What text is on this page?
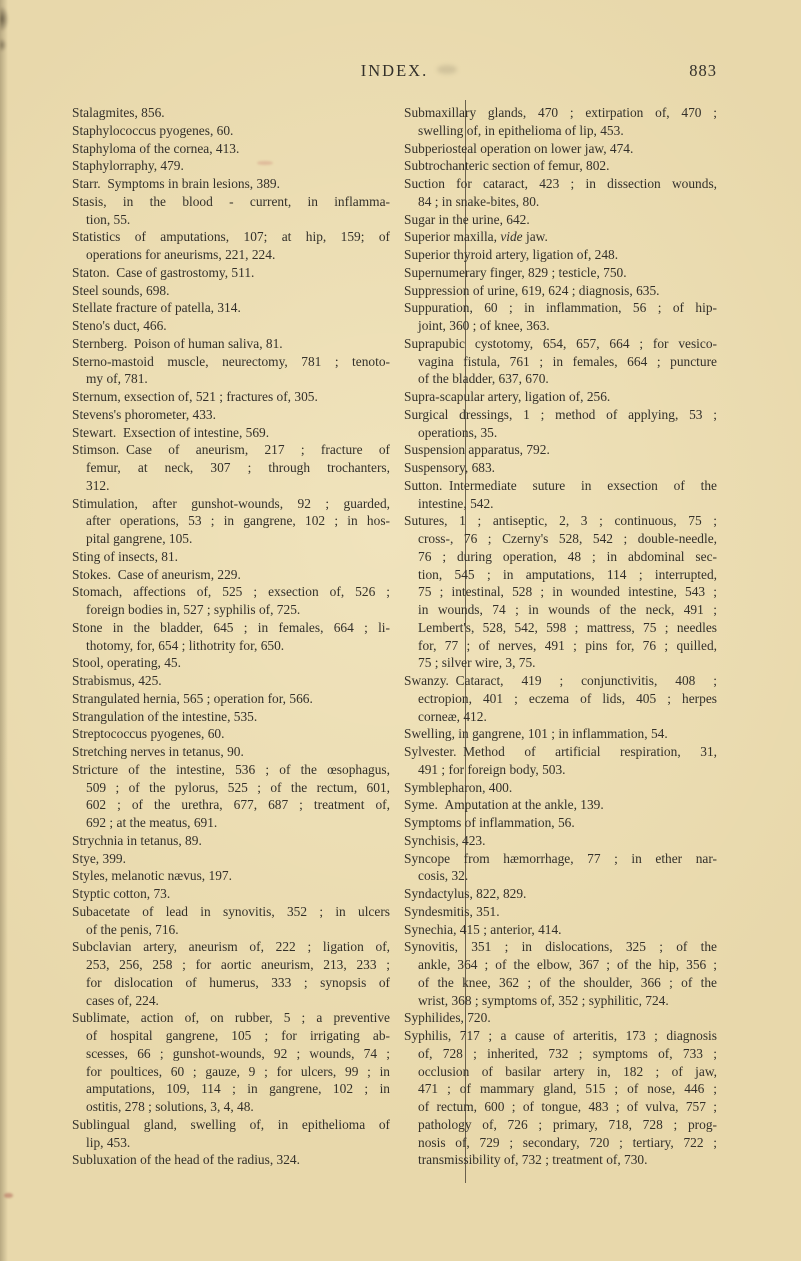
INDEX.	883
Stalagmites, 856.
Staphylococcus pyogenes, 60.
Staphyloma of the cornea, 413.
Staphylorraphy, 479.
Starr. Symptoms in brain lesions, 389.
Stasis, in the blood - current, in inflamma-
tion, 55.
Statistics of amputations, 107; at hip, 159; of
operations for aneurisms, 221, 224.
Staton. Case of gastrostomy, 511.
Steel sounds, 698.
Stellate fracture of patella, 314.
Steno's duct, 466.
Sternberg. Poison of human saliva, 81.
Sterno-mastoid muscle, neurectomy, 781 ; tenoto-
my of, 781.
Sternum, exsection of, 521 ; fractures of, 305.
Stevens's phorometer, 433.
Stewart. Exsection of intestine, 569.
Stimson. Case of aneurism, 217 ; fracture of
femur, at neck, 307 ; through trochanters,
312.
Stimulation, after gunshot-wounds, 92 ; guarded,
after operations, 53 ; in gangrene, 102 ; in hos-
pital gangrene, 105.
Sting of insects, 81.
Stokes. Case of aneurism, 229.
Stomach, affections of, 525 ; exsection of, 526 ;
foreign bodies in, 527 ; syphilis of, 725.
Stone in the bladder, 645 ; in females, 664 ; li-
thotomy, for, 654 ; lithotrity for, 650.
Stool, operating, 45.
Strabismus, 425.
Strangulated hernia, 565 ; operation for, 566.
Strangulation of the intestine, 535.
Streptococcus pyogenes, 60.
Stretching nerves in tetanus, 90.
Stricture of the intestine, 536 ; of the œsophagus,
509 ; of the pylorus, 525 ; of the rectum, 601,
602 ; of the urethra, 677, 687 ; treatment of,
692 ; at the meatus, 691.
Strychnia in tetanus, 89.
Stye, 399.
Styles, melanotic nævus, 197.
Styptic cotton, 73.
Subacetate of lead in synovitis, 352 ; in ulcers
of the penis, 716.
Subclavian artery, aneurism of, 222 ; ligation of,
253, 256, 258 ; for aortic aneurism, 213, 233 ;
for dislocation of humerus, 333 ; synopsis of
cases of, 224.
Sublimate, action of, on rubber, 5 ; a preventive
of hospital gangrene, 105 ; for irrigating ab-
scesses, 66 ; gunshot-wounds, 92 ; wounds, 74 ;
for poultices, 60 ; gauze, 9 ; for ulcers, 99 ; in
amputations, 109, 114 ; in gangrene, 102 ; in
ostitis, 278 ; solutions, 3, 4, 48.
Sublingual gland, swelling of, in epithelioma of
lip, 453.
Subluxation of the head of the radius, 324.
Submaxillary glands, 470 ; extirpation of, 470 ;
swelling of, in epithelioma of lip, 453.
Subperiosteal operation on lower jaw, 474.
Subtrochanteric section of femur, 802.
Suction for cataract, 423 ; in dissection wounds,
84 ; in snake-bites, 80.
Sugar in the urine, 642.
Superior maxilla, vide jaw.
Superior thyroid artery, ligation of, 248.
Supernumerary finger, 829 ; testicle, 750.
Suppression of urine, 619, 624 ; diagnosis, 635.
Suppuration, 60 ; in inflammation, 56 ; of hip-
joint, 360 ; of knee, 363.
Suprapubic cystotomy, 654, 657, 664 ; for vesico-
vagina fistula, 761 ; in females, 664 ; puncture
of the bladder, 637, 670.
Supra-scapular artery, ligation of, 256.
Surgical dressings, 1 ; method of applying, 53 ;
operations, 35.
Suspension apparatus, 792.
Suspensory, 683.
Sutton. Intermediate suture in exsection of the
intestine, 542.
Sutures, 1 ; antiseptic, 2, 3 ; continuous, 75 ;
cross-, 76 ; Czerny's 528, 542 ; double-needle,
76 ; during operation, 48 ; in abdominal sec-
tion, 545 ; in amputations, 114 ; interrupted,
75 ; intestinal, 528 ; in wounded intestine, 543 ;
in wounds, 74 ; in wounds of the neck, 491 ;
Lembert's, 528, 542, 598 ; mattress, 75 ; needles
for, 77 ; of nerves, 491 ; pins for, 76 ; quilled,
75 ; silver wire, 3, 75.
Swanzy. Cataract, 419 ; conjunctivitis, 408 ;
ectropion, 401 ; eczema of lids, 405 ; herpes
corneæ, 412.
Swelling, in gangrene, 101 ; in inflammation, 54.
Sylvester. Method of artificial respiration, 31,
491 ; for foreign body, 503.
Symblepharon, 400.
Syme. Amputation at the ankle, 139.
Symptoms of inflammation, 56.
Synchisis, 423.
Syncope from hæmorrhage, 77 ; in ether nar-
cosis, 32.
Syndactylus, 822, 829.
Syndesmitis, 351.
Synechia, 415 ; anterior, 414.
Synovitis, 351 ; in dislocations, 325 ; of the
ankle, 364 ; of the elbow, 367 ; of the hip, 356 ;
of the knee, 362 ; of the shoulder, 366 ; of the
wrist, 368 ; symptoms of, 352 ; syphilitic, 724.
Syphilides, 720.
Syphilis, 717 ; a cause of arteritis, 173 ; diagnosis
of, 728 ; inherited, 732 ; symptoms of, 733 ;
occlusion of basilar artery in, 182 ; of jaw,
471 ; of mammary gland, 515 ; of nose, 446 ;
of rectum, 600 ; of tongue, 483 ; of vulva, 757 ;
pathology of, 726 ; primary, 718, 728 ; prog-
nosis of, 729 ; secondary, 720 ; tertiary, 722 ;
transmissibility of, 732 ; treatment of, 730.
